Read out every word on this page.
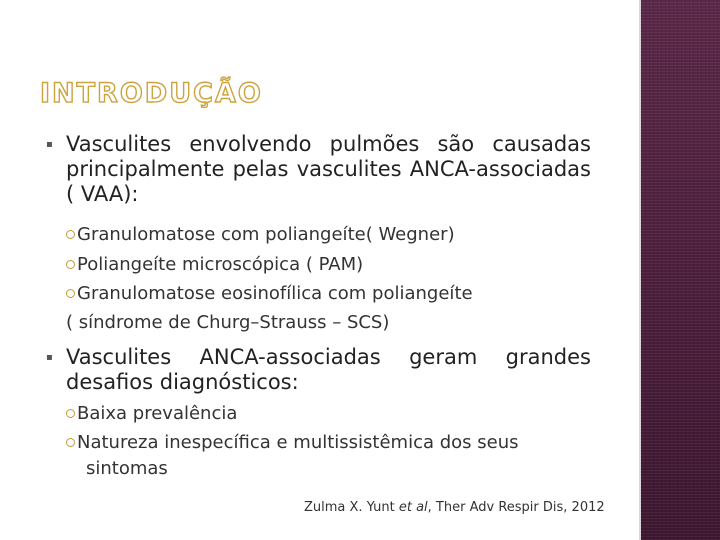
INTRODUÇÃO
▪ Vasculites envolvendo pulmões são causadas principalmente pelas vasculites ANCA-associadas ( VAA):
Granulomatose com poliangeíte( Wegner)
Poliangeíte microscópica ( PAM)
Granulomatose eosinofílica com poliangeíte
( síndrome de Churg–Strauss – SCS)
▪ Vasculites ANCA-associadas geram grandes desafios diagnósticos:
Baixa prevalência
Natureza inespecífica e multissistêmica dos seus
sintomas
Zulma X. Yunt et al, Ther Adv Respir Dis, 2012
